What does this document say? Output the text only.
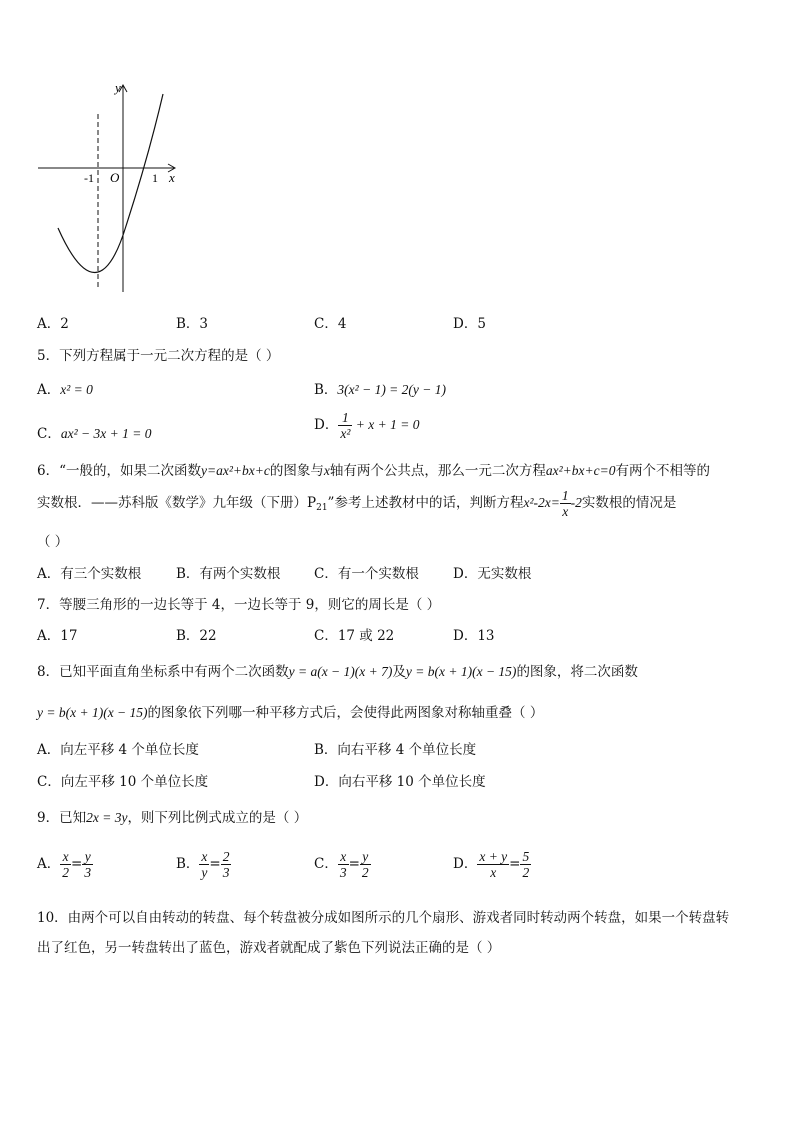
y
x
O
-1	1
A．2	B．3	C．4	D．5
5．下列方程属于一元二次方程的是（ ）
A．x² = 0	B．3(x² − 1) = 2(y − 1)
C．ax² − 3x + 1 = 0
D． $\frac{1}{\text{x²}} + x + 1 = 0$
6．“一般的，如果二次函数y=ax²+bx+c的图象与x轴有两个公共点，那么一元二次方程ax²+bx+c=0有两个不相等的
实数根．——苏科版《数学》九年级（下册）$P_{21}$”参考上述教材中的话，判断方程$x^2-2x= \frac{1}{x} -2$实数根的情况是
（ ）
A．有三个实数根	B．有两个实数根 C．有一个实数根	D．无实数根
7．等腰三角形的一边长等于 4，一边长等于 9，则它的周长是（ ）
A．17	B．22	C．17 或 22	D．13
8．已知平面直角坐标系中有两个二次函数y = a(x − 1)(x + 7)及y = b(x + 1)(x − 15)的图象，将二次函数
y = b(x + 1)(x − 15)的图象依下列哪一种平移方式后，会使得此两图象对称轴重叠（ ）
A．向左平移 4 个单位长度	B．向右平移 4 个单位长度
C．向左平移 10 个单位长度	D．向右平移 10 个单位长度
9．已知2x = 3y，则下列比例式成立的是（ ）
A． $\frac{x}{2} = \frac{y}{3}$	B． $\frac{x}{y} = \frac{2}{3}$	C． $\frac{x}{3} = \frac{y}{2}$	D． $\frac{x + y}{x} = \frac{5}{2}$
10．由两个可以自由转动的转盘、每个转盘被分成如图所示的几个扇形、游戏者同时转动两个转盘，如果一个转盘转
出了红色，另一转盘转出了蓝色，游戏者就配成了紫色下列说法正确的是（ ）
